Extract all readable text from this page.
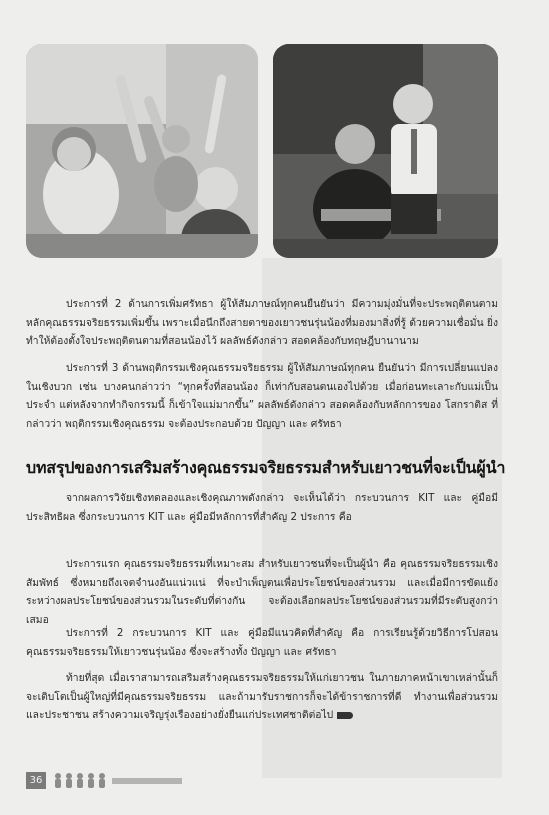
ประการที่ 2 ด้านการเพิ่มศรัทธา ผู้ให้สัมภาษณ์ทุกคนยืนยันว่า มีความมุ่งมั่นที่จะประพฤติตนตามหลักคุณธรรมจริยธรรมเพิ่มขึ้น เพราะเมื่อนึกถึงสายตาของเยาวชนรุ่นน้องที่มองมาสิ่งที่รู้ ด้วยความเชื่อมั่น ยิ่งทำให้ต้องตั้งใจประพฤติตนตามที่สอนน้องไว้ ผลลัพธ์ดังกล่าว สอดคล้องกับทฤษฎีบานานาม
ประการที่ 3 ด้านพฤติกรรมเชิงคุณธรรมจริยธรรม ผู้ให้สัมภาษณ์ทุกคน ยืนยันว่า มีการเปลี่ยนแปลงในเชิงบวก เช่น บางคนกล่าวว่า “ทุกครั้งที่สอนน้อง ก็เท่ากับสอนตนเองไปด้วย เมื่อก่อนทะเลาะกับแม่เป็นประจำ แต่หลังจากทำกิจกรรมนี้ ก็เข้าใจแม่มากขึ้น” ผลลัพธ์ดังกล่าว สอดคล้องกับหลักการของ โสกราติส ที่กล่าวว่า พฤติกรรมเชิงคุณธรรม จะต้องประกอบด้วย ปัญญา และ ศรัทธา
บทสรุปของการเสริมสร้างคุณธรรมจริยธรรมสำหรับเยาวชนที่จะเป็นผู้นำ
จากผลการวิจัยเชิงทดลองและเชิงคุณภาพดังกล่าว จะเห็นได้ว่า กระบวนการ KIT และ คู่มือมีประสิทธิผล ซึ่งกระบวนการ KIT และ คู่มือมีหลักการที่สำคัญ 2 ประการ คือ
ประการแรก คุณธรรมจริยธรรมที่เหมาะสม สำหรับเยาวชนที่จะเป็นผู้นำ คือ คุณธรรมจริยธรรมเชิงสัมพัทธ์ ซึ่งหมายถึงเจตจำนงอันแน่วแน่ ที่จะบำเพ็ญตนเพื่อประโยชน์ของส่วนรวม และเมื่อมีการขัดแย้งระหว่างผลประโยชน์ของส่วนรวมในระดับที่ต่างกัน จะต้องเลือกผลประโยชน์ของส่วนรวมที่มีระดับสูงกว่าเสมอ
ประการที่ 2 กระบวนการ KIT และ คู่มือมีแนวคิดที่สำคัญ คือ การเรียนรู้ด้วยวิธีการโปสอนคุณธรรมจริยธรรมให้เยาวชนรุ่นน้อง ซึ่งจะสร้างทั้ง ปัญญา และ ศรัทธา
ท้ายที่สุด เมื่อเราสามารถเสริมสร้างคุณธรรมจริยธรรมให้แก่เยาวชน ในภายภาคหน้าเขาเหล่านั้นก็จะเติบโตเป็นผู้ใหญ่ที่มีคุณธรรมจริยธรรม และถ้ามารับราชการก็จะได้ข้าราชการที่ดี ทำงานเพื่อส่วนรวมและประชาชน สร้างความเจริญรุ่งเรืองอย่างยั่งยืนแก่ประเทศชาติต่อไป
36
